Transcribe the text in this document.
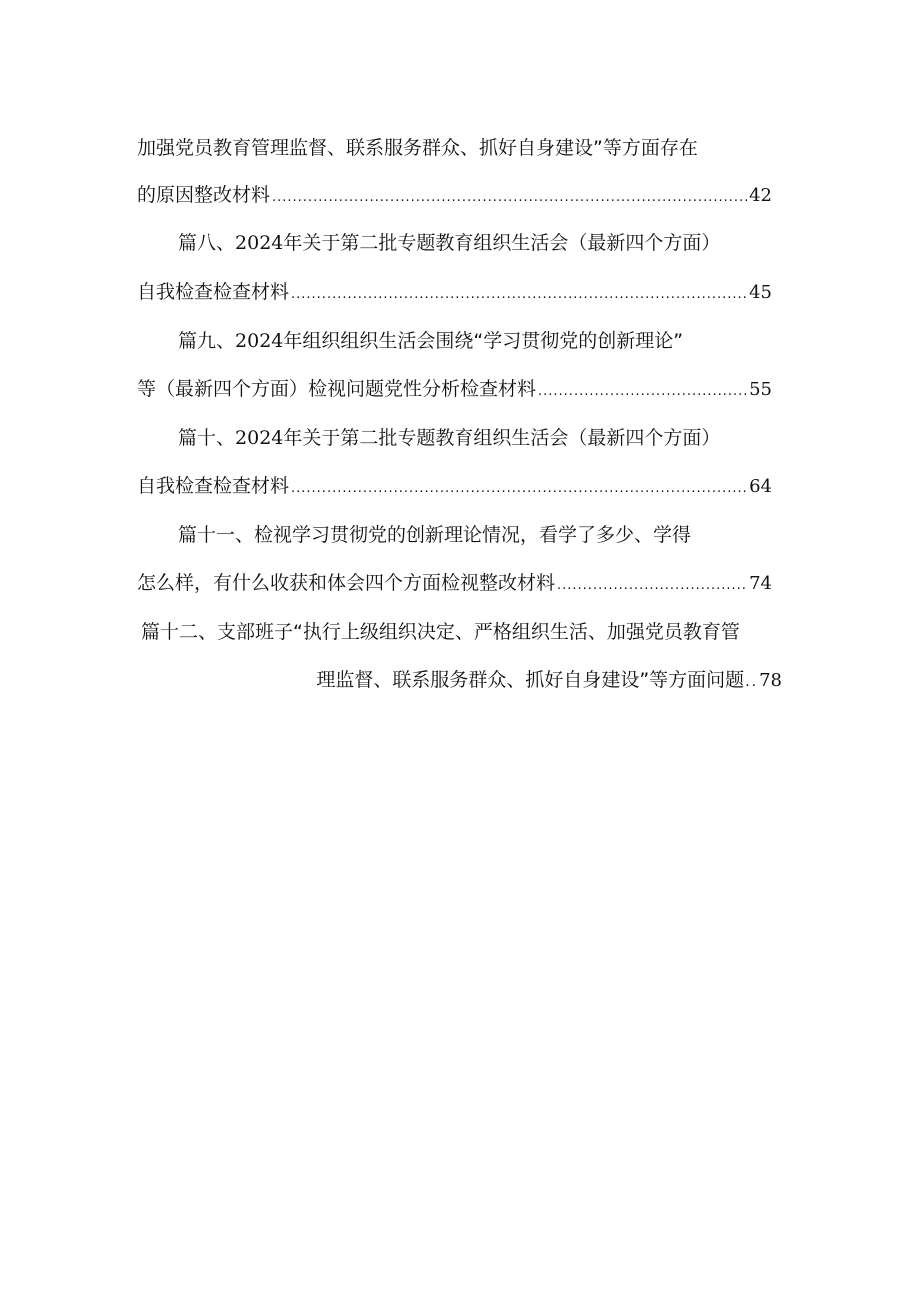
加强党员教育管理监督、联系服务群众、抓好自身建设”等方面存在
的原因整改材料 .....	42
篇八、2024年关于第二批专题教育组织生活会（最新四个方面）
自我检查检查材料 .....	45
篇九、2024年组织组织生活会围绕“学习贯彻党的创新理论”
等（最新四个方面）检视问题党性分析检查材料 .....	55
篇十、2024年关于第二批专题教育组织生活会（最新四个方面）
自我检查检查材料 .....	64
篇十一、检视学习贯彻党的创新理论情况，看学了多少、学得
怎么样，有什么收获和体会四个方面检视整改材料 .....	74
篇十二、支部班子“执行上级组织决定、严格组织生活、加强党员教育管
理监督、联系服务群众、抓好自身建设”等方面问题 .. 78
